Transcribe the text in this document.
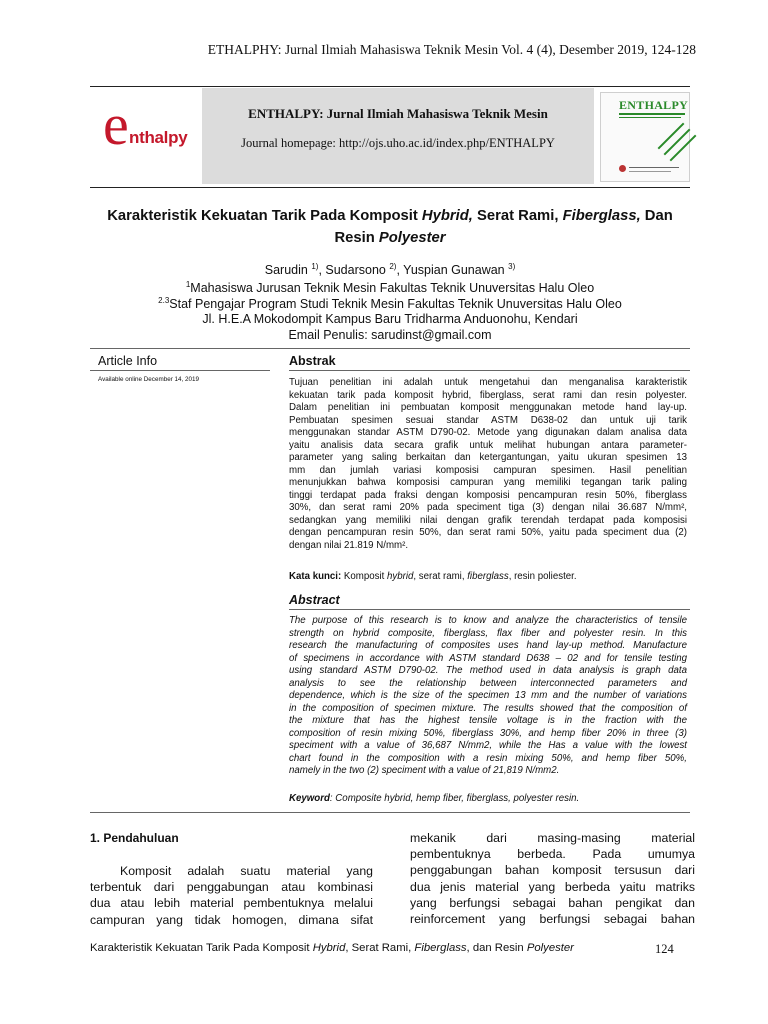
ETHALPHY: Jurnal Ilmiah Mahasiswa Teknik Mesin Vol. 4 (4), Desember 2019, 124-128
e nthalpy
ENTHALPY: Jurnal Ilmiah Mahasiswa Teknik Mesin
Journal homepage: http://ojs.uho.ac.id/index.php/ENTHALPY
ENTHALPY
Karakteristik Kekuatan Tarik Pada Komposit Hybrid, Serat Rami, Fiberglass, Dan
Resin Polyester
Sarudin $^{1)}$, Sudarsono $^{2)}$, Yuspian Gunawan $^{3)}$
$^1$Mahasiswa Jurusan Teknik Mesin Fakultas Teknik Unuversitas Halu Oleo
$^{2.3}$Staf Pengajar Program Studi Teknik Mesin Fakultas Teknik Unuversitas Halu Oleo
Jl. H.E.A Mokodompit Kampus Baru Tridharma Anduonohu, Kendari
Email Penulis: sarudinst@gmail.com
Article Info
Available online December 14, 2019
Abstrak
Tujuan penelitian ini adalah untuk mengetahui dan menganalisa karakteristik
kekuatan tarik pada komposit hybrid, fiberglass, serat rami dan resin polyester.
Dalam penelitian ini pembuatan komposit menggunakan metode hand lay-up.
Pembuatan spesimen sesuai standar ASTM D638-02 dan untuk uji tarik
menggunakan standar ASTM D790-02. Metode yang digunakan dalam analisa data
yaitu analisis data secara grafik untuk melihat hubungan antara parameter-
parameter yang saling berkaitan dan ketergantungan, yaitu ukuran spesimen 13
mm dan jumlah variasi komposisi campuran spesimen. Hasil penelitian
menunjukkan bahwa komposisi campuran yang memiliki tegangan tarik paling
tinggi terdapat pada fraksi dengan komposisi pencampuran resin 50%, fiberglass
30%, dan serat rami 20% pada speciment tiga (3) dengan nilai 36.687 N/mm²,
sedangkan yang memiliki nilai dengan grafik terendah terdapat pada komposisi
dengan pencampuran resin 50%, dan serat rami 50%, yaitu pada speciment dua (2)
dengan nilai 21.819 N/mm².
Kata kunci: Komposit hybrid, serat rami, fiberglass, resin poliester.
Abstract
The purpose of this research is to know and analyze the characteristics of tensile
strength on hybrid composite, fiberglass, flax fiber and polyester resin. In this
research the manufacturing of composites uses hand lay-up method. Manufacture
of specimens in accordance with ASTM standard D638 – 02 and for tensile testing
using standard ASTM D790-02. The method used in data analysis is graph data
analysis to see the relationship between interconnected parameters and
dependence, which is the size of the specimen 13 mm and the number of variations
in the composition of specimen mixture. The results showed that the composition of
the mixture that has the highest tensile voltage is in the fraction with the
composition of resin mixing 50%, fiberglass 30%, and hemp fiber 20% in three (3)
speciment with a value of 36,687 N/mm2, while the Has a value with the lowest
chart found in the composition with a resin mixing 50%, and hemp fiber 50%,
namely in the two (2) speciment with a value of 21,819 N/mm2.
Keyword: Composite hybrid, hemp fiber, fiberglass, polyester resin.
1. Pendahuluan
Komposit adalah suatu material yang
terbentuk dari penggabungan atau kombinasi
dua atau lebih material pembentuknya melalui
campuran yang tidak homogen, dimana sifat
mekanik dari masing-masing material
pembentuknya berbeda. Pada umumya
penggabungan bahan komposit tersusun dari
dua jenis material yang berbeda yaitu matriks
yang berfungsi sebagai bahan pengikat dan
reinforcement yang berfungsi sebagai bahan
Karakteristik Kekuatan Tarik Pada Komposit Hybrid, Serat Rami, Fiberglass, dan Resin Polyester	124
